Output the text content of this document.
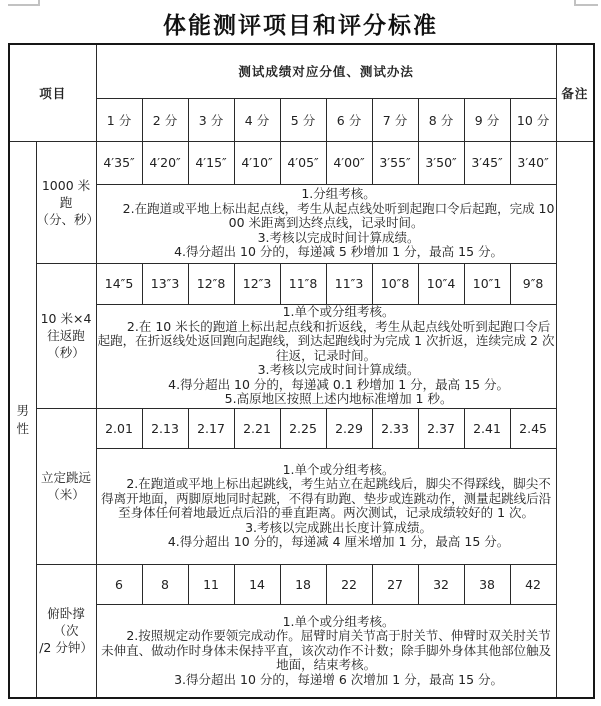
体能测评项目和评分标准
项目		测试成绩对应分值、测试办法										备注
		1 分	2 分	3 分	4 分	5 分	6 分	7 分	8 分	9 分	10 分	

男

性

1000 米跑

（分、秒）

	4′35″	4′20″	4′15″	4′10″	4′05″	4′00″	3′55″	3′50″	3′45″	3′40″	

		1.分组考核。

2.在跑道或平地上标出起点线，考生从起点线处听到起跑口令后起跑，完成 1000 米距离到达终点线，记录时间。

3.考核以完成时间计算成绩。

4.得分超出 10 分的，每递减 5 秒增加 1 分，最高 15 分。										

	10 米×4

往返跑（秒）	14″5	13″3	12″8	12″3	11″8	11″3	10″8	10″4	10″1	9″8	

		1.单个或分组考核。

2.在 10 米长的跑道上标出起点线和折返线，考生从起点线处听到起跑口令后起跑，在折返线处返回跑向起跑线，到达起跑线时为完成 1 次折返，连续完成 2 次往返，记录时间。

3.考核以完成时间计算成绩。

4.得分超出 10 分的，每递减 0.1 秒增加 1 分，最高 15 分。

5.高原地区按照上述内地标准增加 1 秒。										

	立定跳远

（米）	2.01	2.13	2.17	2.21	2.25	2.29	2.33	2.37	2.41	2.45	

		1.单个或分组考核。

2.在跑道或平地上标出起跳线，考生站立在起跳线后，脚尖不得踩线，脚尖不得离开地面，两脚原地同时起跳，不得有助跑、垫步或连跳动作，测量起跳线后沿至身体任何着地最近点后沿的垂直距离。两次测试，记录成绩较好的 1 次。

3.考核以完成跳出长度计算成绩。

4.得分超出 10 分的，每递减 4 厘米增加 1 分，最高 15 分。										

	俯卧撑（次

/2 分钟）	6	8	11	14	18	22	27	32	38	42	

		1.单个或分组考核。

2.按照规定动作要领完成动作。屈臂时肩关节高于肘关节、伸臂时双关肘关节未伸直、做动作时身体未保持平直，该次动作不计数；除手脚外身体其他部位触及地面，结束考核。

3.得分超出 10 分的，每递增 6 次增加 1 分，最高 15 分。										
